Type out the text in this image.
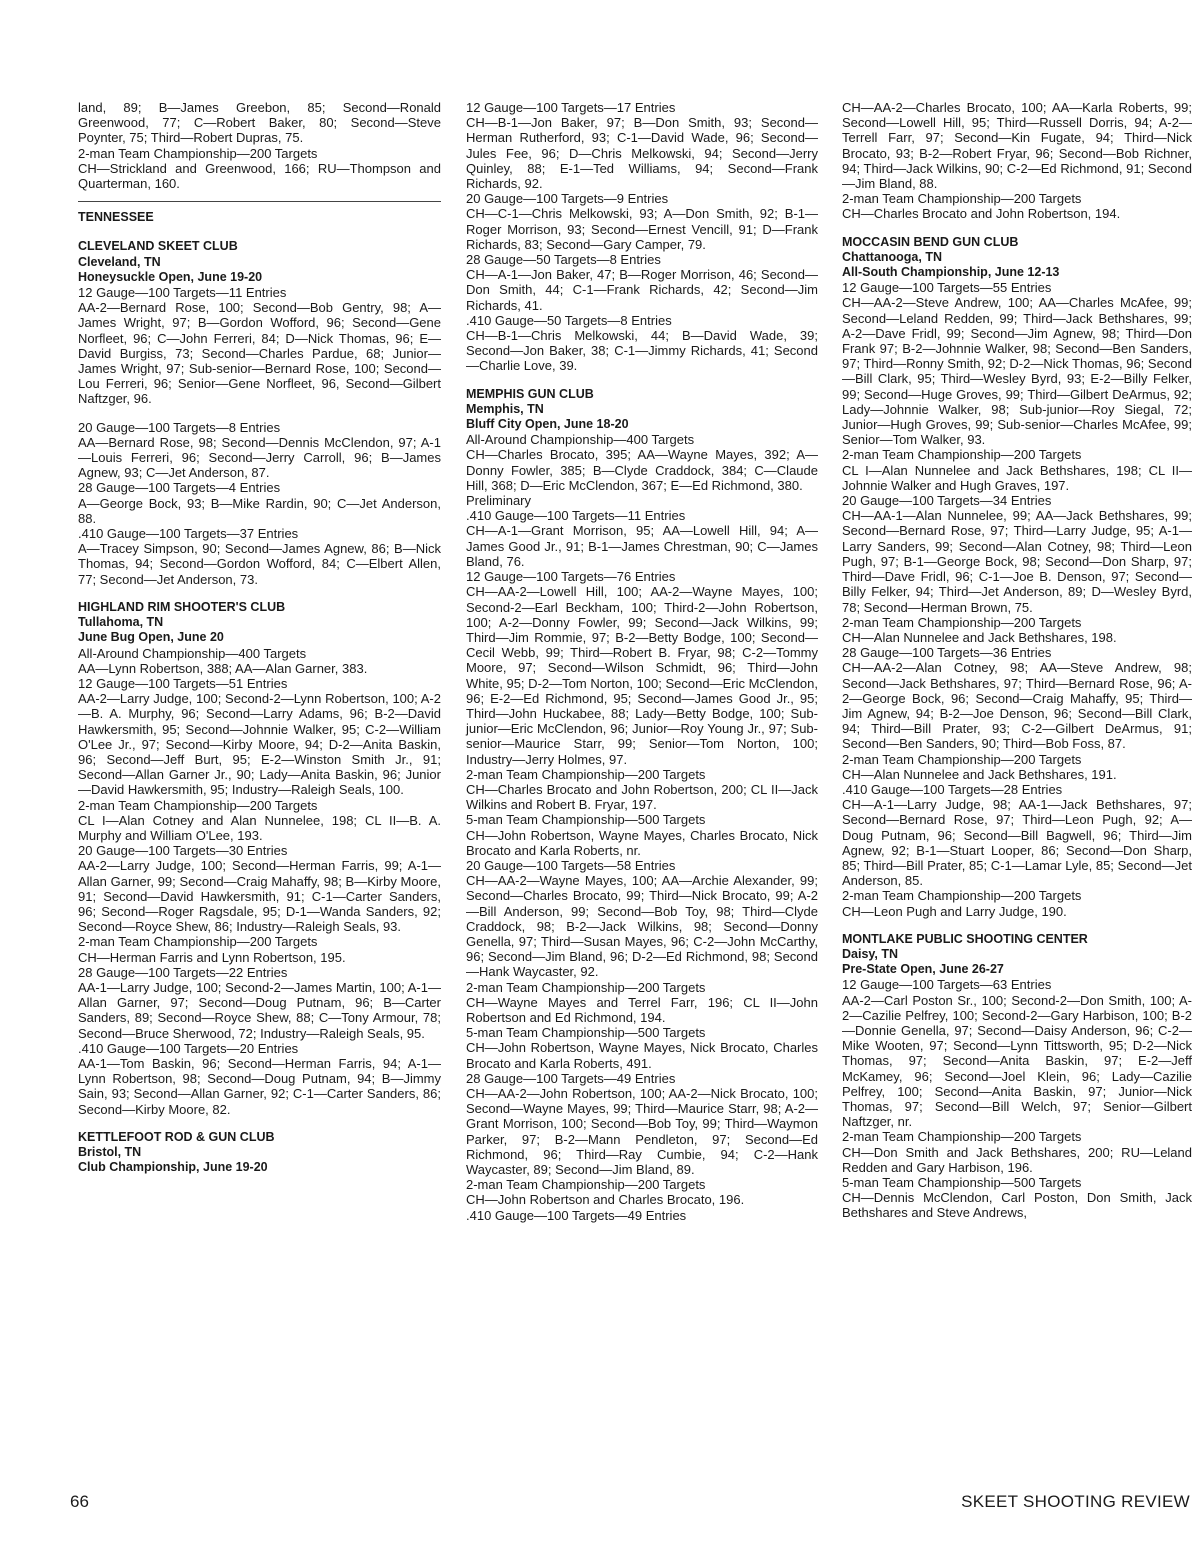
land, 89; B—James Greebon, 85; Second—Ronald Greenwood, 77; C—Robert Baker, 80; Second—Steve Poynter, 75; Third—Robert Dupras, 75.
2-man Team Championship—200 Targets
CH—Strickland and Greenwood, 166; RU—Thompson and Quarterman, 160.
TENNESSEE
CLEVELAND SKEET CLUB
Cleveland, TN
Honeysuckle Open, June 19-20
12 Gauge—100 Targets—11 Entries
AA-2—Bernard Rose, 100; Second—Bob Gentry, 98; A—James Wright, 97; B—Gordon Wofford, 96; Second—Gene Norfleet, 96; C—John Ferreri, 84; D—Nick Thomas, 96; E—David Burgiss, 73; Second—Charles Pardue, 68; Junior—James Wright, 97; Sub-senior—Bernard Rose, 100; Second—Lou Ferreri, 96; Senior—Gene Norfleet, 96, Second—Gilbert Naftzger, 96.
20 Gauge—100 Targets—8 Entries
AA—Bernard Rose, 98; Second—Dennis McClendon, 97; A-1—Louis Ferreri, 96; Second—Jerry Carroll, 96; B—James Agnew, 93; C—Jet Anderson, 87.
28 Gauge—100 Targets—4 Entries
A—George Bock, 93; B—Mike Rardin, 90; C—Jet Anderson, 88.
.410 Gauge—100 Targets—37 Entries
A—Tracey Simpson, 90; Second—James Agnew, 86; B—Nick Thomas, 94; Second—Gordon Wofford, 84; C—Elbert Allen, 77; Second—Jet Anderson, 73.
HIGHLAND RIM SHOOTER'S CLUB
Tullahoma, TN
June Bug Open, June 20
All-Around Championship—400 Targets
AA—Lynn Robertson, 388; AA—Alan Garner, 383.
12 Gauge—100 Targets—51 Entries
AA-2—Larry Judge, 100; Second-2—Lynn Robertson, 100; A-2—B. A. Murphy, 96; Second—Larry Adams, 96; B-2—David Hawkersmith, 95; Second—Johnnie Walker, 95; C-2—William O'Lee Jr., 97; Second—Kirby Moore, 94; D-2—Anita Baskin, 96; Second—Jeff Burt, 95; E-2—Winston Smith Jr., 91; Second—Allan Garner Jr., 90; Lady—Anita Baskin, 96; Junior—David Hawkersmith, 95; Industry—Raleigh Seals, 100.
2-man Team Championship—200 Targets
CL I—Alan Cotney and Alan Nunnelee, 198; CL II—B. A. Murphy and William O'Lee, 193.
20 Gauge—100 Targets—30 Entries
AA-2—Larry Judge, 100; Second—Herman Farris, 99; A-1—Allan Garner, 99; Second—Craig Mahaffy, 98; B—Kirby Moore, 91; Second—David Hawkersmith, 91; C-1—Carter Sanders, 96; Second—Roger Ragsdale, 95; D-1—Wanda Sanders, 92; Second—Royce Shew, 86; Industry—Raleigh Seals, 93.
2-man Team Championship—200 Targets
CH—Herman Farris and Lynn Robertson, 195.
28 Gauge—100 Targets—22 Entries
AA-1—Larry Judge, 100; Second-2—James Martin, 100; A-1—Allan Garner, 97; Second—Doug Putnam, 96; B—Carter Sanders, 89; Second—Royce Shew, 88; C—Tony Armour, 78; Second—Bruce Sherwood, 72; Industry—Raleigh Seals, 95.
.410 Gauge—100 Targets—20 Entries
AA-1—Tom Baskin, 96; Second—Herman Farris, 94; A-1—Lynn Robertson, 98; Second—Doug Putnam, 94; B—Jimmy Sain, 93; Second—Allan Garner, 92; C-1—Carter Sanders, 86; Second—Kirby Moore, 82.
KETTLEFOOT ROD & GUN CLUB
Bristol, TN
Club Championship, June 19-20
12 Gauge—100 Targets—17 Entries
CH—B-1—Jon Baker, 97; B—Don Smith, 93; Second—Herman Rutherford, 93; C-1—David Wade, 96; Second—Jules Fee, 96; D—Chris Melkowski, 94; Second—Jerry Quinley, 88; E-1—Ted Williams, 94; Second—Frank Richards, 92.
20 Gauge—100 Targets—9 Entries
CH—C-1—Chris Melkowski, 93; A—Don Smith, 92; B-1—Roger Morrison, 93; Second—Ernest Vencill, 91; D—Frank Richards, 83; Second—Gary Camper, 79.
28 Gauge—50 Targets—8 Entries
CH—A-1—Jon Baker, 47; B—Roger Morrison, 46; Second—Don Smith, 44; C-1—Frank Richards, 42; Second—Jim Richards, 41.
.410 Gauge—50 Targets—8 Entries
CH—B-1—Chris Melkowski, 44; B—David Wade, 39; Second—Jon Baker, 38; C-1—Jimmy Richards, 41; Second—Charlie Love, 39.
MEMPHIS GUN CLUB
Memphis, TN
Bluff City Open, June 18-20
All-Around Championship—400 Targets
CH—Charles Brocato, 395; AA—Wayne Mayes, 392; A—Donny Fowler, 385; B—Clyde Craddock, 384; C—Claude Hill, 368; D—Eric McClendon, 367; E—Ed Richmond, 380.
Preliminary
.410 Gauge—100 Targets—11 Entries
CH—A-1—Grant Morrison, 95; AA—Lowell Hill, 94; A—James Good Jr., 91; B-1—James Chrestman, 90; C—James Bland, 76.
12 Gauge—100 Targets—76 Entries
CH—AA-2—Lowell Hill, 100; AA-2—Wayne Mayes, 100; Second-2—Earl Beckham, 100; Third-2—John Robertson, 100; A-2—Donny Fowler, 99; Second—Jack Wilkins, 99; Third—Jim Rommie, 97; B-2—Betty Bodge, 100; Second—Cecil Webb, 99; Third—Robert B. Fryar, 98; C-2—Tommy Moore, 97; Second—Wilson Schmidt, 96; Third—John White, 95; D-2—Tom Norton, 100; Second—Eric McClendon, 96; E-2—Ed Richmond, 95; Second—James Good Jr., 95; Third—John Huckabee, 88; Lady—Betty Bodge, 100; Sub-junior—Eric McClendon, 96; Junior—Roy Young Jr., 97; Sub-senior—Maurice Starr, 99; Senior—Tom Norton, 100; Industry—Jerry Holmes, 97.
2-man Team Championship—200 Targets
CH—Charles Brocato and John Robertson, 200; CL II—Jack Wilkins and Robert B. Fryar, 197.
5-man Team Championship—500 Targets
CH—John Robertson, Wayne Mayes, Charles Brocato, Nick Brocato and Karla Roberts, nr.
20 Gauge—100 Targets—58 Entries
CH—AA-2—Wayne Mayes, 100; AA—Archie Alexander, 99; Second—Charles Brocato, 99; Third—Nick Brocato, 99; A-2—Bill Anderson, 99; Second—Bob Toy, 98; Third—Clyde Craddock, 98; B-2—Jack Wilkins, 98; Second—Donny Genella, 97; Third—Susan Mayes, 96; C-2—John McCarthy, 96; Second—Jim Bland, 96; D-2—Ed Richmond, 98; Second—Hank Waycaster, 92.
2-man Team Championship—200 Targets
CH—Wayne Mayes and Terrel Farr, 196; CL II—John Robertson and Ed Richmond, 194.
5-man Team Championship—500 Targets
CH—John Robertson, Wayne Mayes, Nick Brocato, Charles Brocato and Karla Roberts, 491.
28 Gauge—100 Targets—49 Entries
CH—AA-2—John Robertson, 100; AA-2—Nick Brocato, 100; Second—Wayne Mayes, 99; Third—Maurice Starr, 98; A-2—Grant Morrison, 100; Second—Bob Toy, 99; Third—Waymon Parker, 97; B-2—Mann Pendleton, 97; Second—Ed Richmond, 96; Third—Ray Cumbie, 94; C-2—Hank Waycaster, 89; Second—Jim Bland, 89.
2-man Team Championship—200 Targets
CH—John Robertson and Charles Brocato, 196.
.410 Gauge—100 Targets—49 Entries
CH—AA-2—Charles Brocato, 100; AA—Karla Roberts, 99; Second—Lowell Hill, 95; Third—Russell Dorris, 94; A-2—Terrell Farr, 97; Second—Kin Fugate, 94; Third—Nick Brocato, 93; B-2—Robert Fryar, 96; Second—Bob Richner, 94; Third—Jack Wilkins, 90; C-2—Ed Richmond, 91; Second—Jim Bland, 88.
2-man Team Championship—200 Targets
CH—Charles Brocato and John Robertson, 194.
MOCCASIN BEND GUN CLUB
Chattanooga, TN
All-South Championship, June 12-13
12 Gauge—100 Targets—55 Entries
CH—AA-2—Steve Andrew, 100; AA—Charles McAfee, 99; Second—Leland Redden, 99; Third—Jack Bethshares, 99; A-2—Dave Fridl, 99; Second—Jim Agnew, 98; Third—Don Frank 97; B-2—Johnnie Walker, 98; Second—Ben Sanders, 97; Third—Ronny Smith, 92; D-2—Nick Thomas, 96; Second—Bill Clark, 95; Third—Wesley Byrd, 93; E-2—Billy Felker, 99; Second—Huge Groves, 99; Third—Gilbert DeArmus, 92; Lady—Johnnie Walker, 98; Sub-junior—Roy Siegal, 72; Junior—Hugh Groves, 99; Sub-senior—Charles McAfee, 99; Senior—Tom Walker, 93.
2-man Team Championship—200 Targets
CL I—Alan Nunnelee and Jack Bethshares, 198; CL II—Johnnie Walker and Hugh Graves, 197.
20 Gauge—100 Targets—34 Entries
CH—AA-1—Alan Nunnelee, 99; AA—Jack Bethshares, 99; Second—Bernard Rose, 97; Third—Larry Judge, 95; A-1—Larry Sanders, 99; Second—Alan Cotney, 98; Third—Leon Pugh, 97; B-1—George Bock, 98; Second—Don Sharp, 97; Third—Dave Fridl, 96; C-1—Joe B. Denson, 97; Second—Billy Felker, 94; Third—Jet Anderson, 89; D—Wesley Byrd, 78; Second—Herman Brown, 75.
2-man Team Championship—200 Targets
CH—Alan Nunnelee and Jack Bethshares, 198.
28 Gauge—100 Targets—36 Entries
CH—AA-2—Alan Cotney, 98; AA—Steve Andrew, 98; Second—Jack Bethshares, 97; Third—Bernard Rose, 96; A-2—George Bock, 96; Second—Craig Mahaffy, 95; Third—Jim Agnew, 94; B-2—Joe Denson, 96; Second—Bill Clark, 94; Third—Bill Prater, 93; C-2—Gilbert DeArmus, 91; Second—Ben Sanders, 90; Third—Bob Foss, 87.
2-man Team Championship—200 Targets
CH—Alan Nunnelee and Jack Bethshares, 191.
.410 Gauge—100 Targets—28 Entries
CH—A-1—Larry Judge, 98; AA-1—Jack Bethshares, 97; Second—Bernard Rose, 97; Third—Leon Pugh, 92; A—Doug Putnam, 96; Second—Bill Bagwell, 96; Third—Jim Agnew, 92; B-1—Stuart Looper, 86; Second—Don Sharp, 85; Third—Bill Prater, 85; C-1—Lamar Lyle, 85; Second—Jet Anderson, 85.
2-man Team Championship—200 Targets
CH—Leon Pugh and Larry Judge, 190.
MONTLAKE PUBLIC SHOOTING CENTER
Daisy, TN
Pre-State Open, June 26-27
12 Gauge—100 Targets—63 Entries
AA-2—Carl Poston Sr., 100; Second-2—Don Smith, 100; A-2—Cazilie Pelfrey, 100; Second-2—Gary Harbison, 100; B-2—Donnie Genella, 97; Second—Daisy Anderson, 96; C-2—Mike Wooten, 97; Second—Lynn Tittsworth, 95; D-2—Nick Thomas, 97; Second—Anita Baskin, 97; E-2—Jeff McKamey, 96; Second—Joel Klein, 96; Lady—Cazilie Pelfrey, 100; Second—Anita Baskin, 97; Junior—Nick Thomas, 97; Second—Bill Welch, 97; Senior—Gilbert Naftzger, nr.
2-man Team Championship—200 Targets
CH—Don Smith and Jack Bethshares, 200; RU—Leland Redden and Gary Harbison, 196.
5-man Team Championship—500 Targets
CH—Dennis McClendon, Carl Poston, Don Smith, Jack Bethshares and Steve Andrews,
66	SKEET SHOOTING REVIEW
